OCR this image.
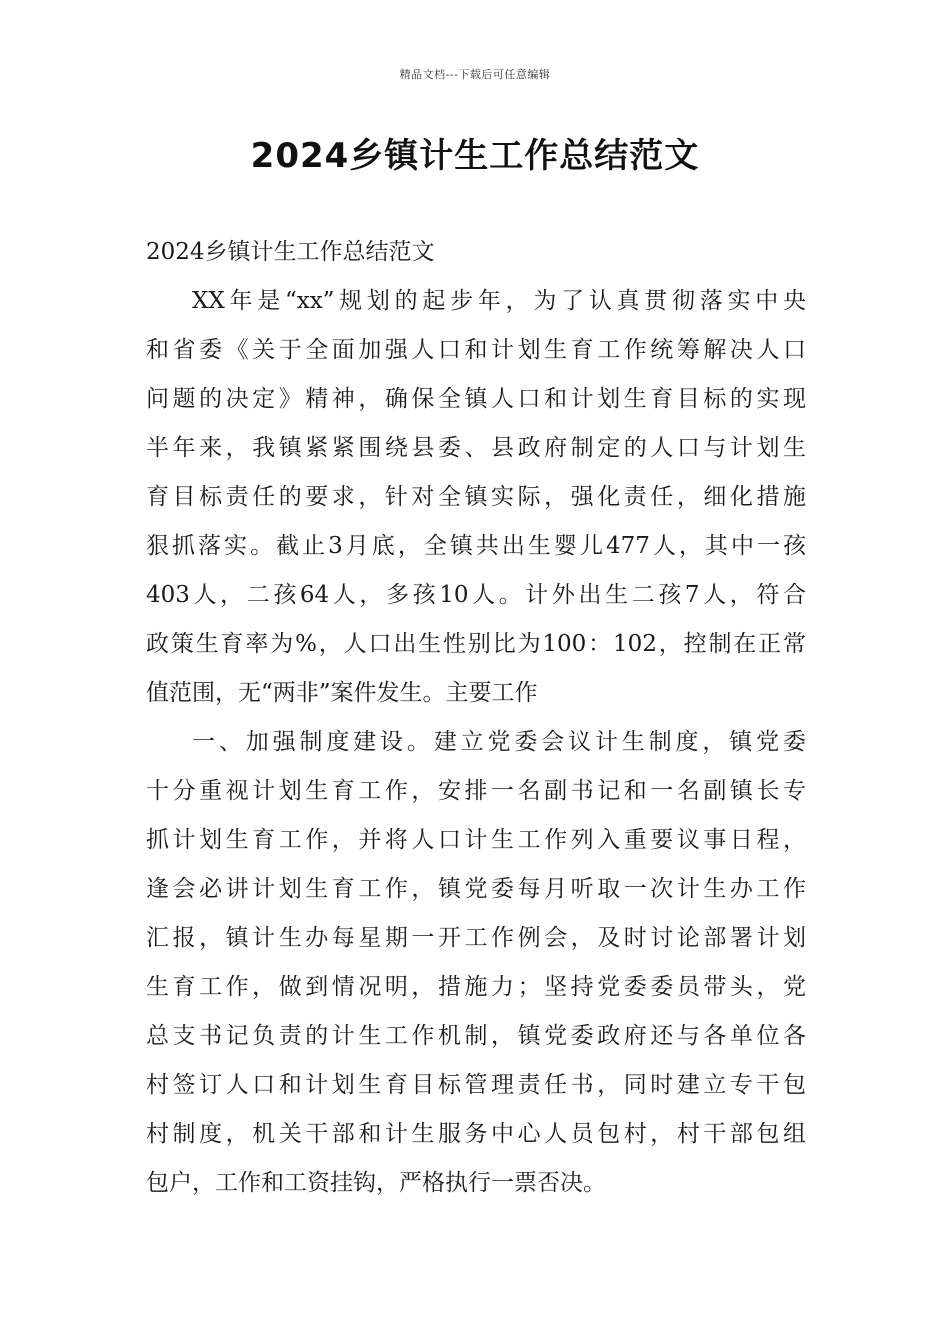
精品文档---下载后可任意编辑
2024乡镇计生工作总结范文

2024乡镇计生工作总结范文

XX年是“xx”规划的起步年，为了认真贯彻落实中央
和省委《关于全面加强人口和计划生育工作统筹解决人口
问题的决定》精神，确保全镇人口和计划生育目标的实现
半年来，我镇紧紧围绕县委、县政府制定的人口与计划生
育目标责任的要求，针对全镇实际，强化责任，细化措施
狠抓落实。截止3月底，全镇共出生婴儿477人，其中一孩
403人，二孩64人，多孩10人。计外出生二孩7人，符合
政策生育率为%，人口出生性别比为100：102，控制在正常
值范围，无“两非”案件发生。主要工作
一、加强制度建设。建立党委会议计生制度，镇党委
十分重视计划生育工作，安排一名副书记和一名副镇长专
抓计划生育工作，并将人口计生工作列入重要议事日程，
逢会必讲计划生育工作，镇党委每月听取一次计生办工作
汇报，镇计生办每星期一开工作例会，及时讨论部署计划
生育工作，做到情况明，措施力；坚持党委委员带头，党
总支书记负责的计生工作机制，镇党委政府还与各单位各
村签订人口和计划生育目标管理责任书，同时建立专干包
村制度，机关干部和计生服务中心人员包村，村干部包组
包户，工作和工资挂钩，严格执行一票否决。
